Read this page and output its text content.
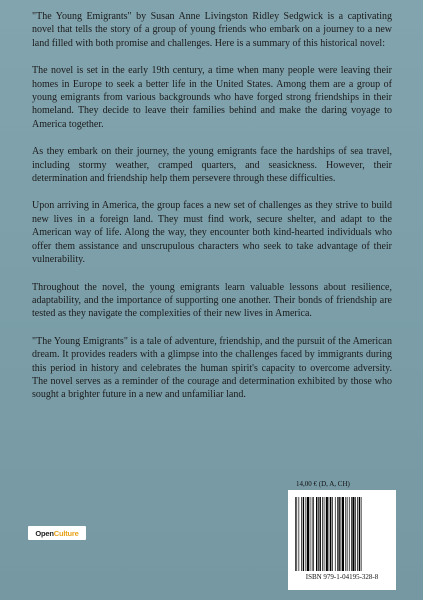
"The Young Emigrants" by Susan Anne Livingston Ridley Sedgwick is a captivating novel that tells the story of a group of young friends who embark on a journey to a new land filled with both promise and challenges. Here is a summary of this historical novel:

The novel is set in the early 19th century, a time when many people were leaving their homes in Europe to seek a better life in the United States. Among them are a group of young emigrants from various backgrounds who have forged strong friendships in their homeland. They decide to leave their families behind and make the daring voyage to America together.

As they embark on their journey, the young emigrants face the hardships of sea travel, including stormy weather, cramped quarters, and seasickness. However, their determination and friendship help them persevere through these difficulties.

Upon arriving in America, the group faces a new set of challenges as they strive to build new lives in a foreign land. They must find work, secure shelter, and adapt to the American way of life. Along the way, they encounter both kind-hearted individuals who offer them assistance and unscrupulous characters who seek to take advantage of their vulnerability.

Throughout the novel, the young emigrants learn valuable lessons about resilience, adaptability, and the importance of supporting one another. Their bonds of friendship are tested as they navigate the complexities of their new lives in America.

"The Young Emigrants" is a tale of adventure, friendship, and the pursuit of the American dream. It provides readers with a glimpse into the challenges faced by immigrants during this period in history and celebrates the human spirit's capacity to overcome adversity. The novel serves as a reminder of the courage and determination exhibited by those who sought a brighter future in a new and unfamiliar land.

Open Culture
14,00 € (D, A, CH)
ISBN 979-1-04195-328-8
